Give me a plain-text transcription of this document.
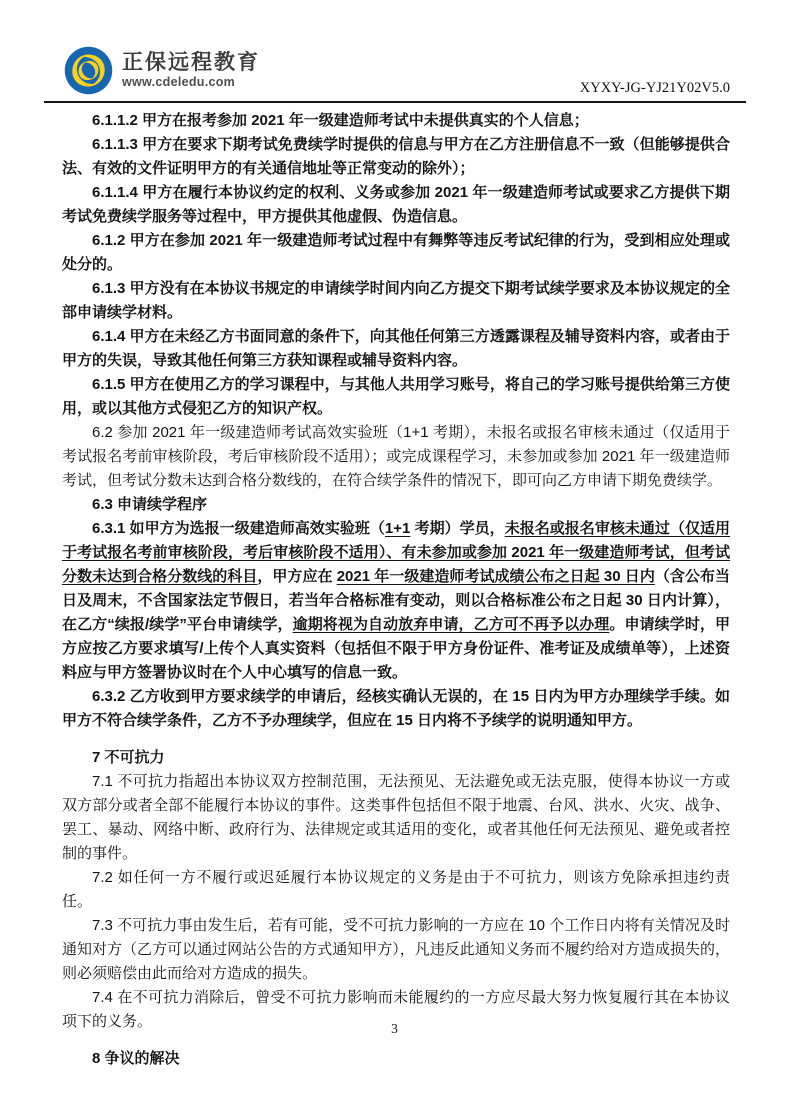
正保远程教育
www.cdeledu.com	XYXY-JG-YJ21Y02V5.0

6.1.1.2 甲方在报考参加 2021 年一级建造师考试中未提供真实的个人信息；

6.1.1.3 甲方在要求下期考试免费续学时提供的信息与甲方在乙方注册信息不一致（但能够提供合法、有效的文件证明甲方的有关通信地址等正常变动的除外）；

6.1.1.4 甲方在履行本协议约定的权利、义务或参加 2021 年一级建造师考试或要求乙方提供下期考试免费续学服务等过程中，甲方提供其他虚假、伪造信息。

6.1.2 甲方在参加 2021 年一级建造师考试过程中有舞弊等违反考试纪律的行为，受到相应处理或处分的。

6.1.3 甲方没有在本协议书规定的申请续学时间内向乙方提交下期考试续学要求及本协议规定的全部申请续学材料。

6.1.4 甲方在未经乙方书面同意的条件下，向其他任何第三方透露课程及辅导资料内容，或者由于甲方的失误，导致其他任何第三方获知课程或辅导资料内容。

6.1.5 甲方在使用乙方的学习课程中，与其他人共用学习账号，将自己的学习账号提供给第三方使用，或以其他方式侵犯乙方的知识产权。

6.2 参加 2021 年一级建造师考试高效实验班（1+1 考期），未报名或报名审核未通过（仅适用于考试报名考前审核阶段，考后审核阶段不适用）；或完成课程学习，未参加或参加 2021 年一级建造师考试，但考试分数未达到合格分数线的，在符合续学条件的情况下，即可向乙方申请下期免费续学。

6.3 申请续学程序

6.3.1 如甲方为选报一级建造师高效实验班（1+1 考期）学员，未报名或报名审核未通过（仅适用于考试报名考前审核阶段，考后审核阶段不适用）、有未参加或参加 2021 年一级建造师考试，但考试分数未达到合格分数线的科目，甲方应在 2021 年一级建造师考试成绩公布之日起 30 日内（含公布当日及周末，不含国家法定节假日，若当年合格标准有变动，则以合格标准公布之日起 30 日内计算），在乙方“续报/续学”平台申请续学，逾期将视为自动放弃申请，乙方可不再予以办理。申请续学时，甲方应按乙方要求填写/上传个人真实资料（包括但不限于甲方身份证件、准考证及成绩单等），上述资料应与甲方签署协议时在个人中心填写的信息一致。

6.3.2 乙方收到甲方要求续学的申请后，经核实确认无误的，在 15 日内为甲方办理续学手续。如甲方不符合续学条件，乙方不予办理续学，但应在 15 日内将不予续学的说明通知甲方。

7 不可抗力

7.1 不可抗力指超出本协议双方控制范围，无法预见、无法避免或无法克服，使得本协议一方或双方部分或者全部不能履行本协议的事件。这类事件包括但不限于地震、台风、洪水、火灾、战争、罢工、暴动、网络中断、政府行为、法律规定或其适用的变化，或者其他任何无法预见、避免或者控制的事件。

7.2 如任何一方不履行或迟延履行本协议规定的义务是由于不可抗力，则该方免除承担违约责任。

7.3 不可抗力事由发生后，若有可能，受不可抗力影响的一方应在 10 个工作日内将有关情况及时通知对方（乙方可以通过网站公告的方式通知甲方），凡违反此通知义务而不履约给对方造成损失的，则必须赔偿由此而给对方造成的损失。

7.4 在不可抗力消除后，曾受不可抗力影响而未能履约的一方应尽最大努力恢复履行其在本协议项下的义务。

8 争议的解决

3
